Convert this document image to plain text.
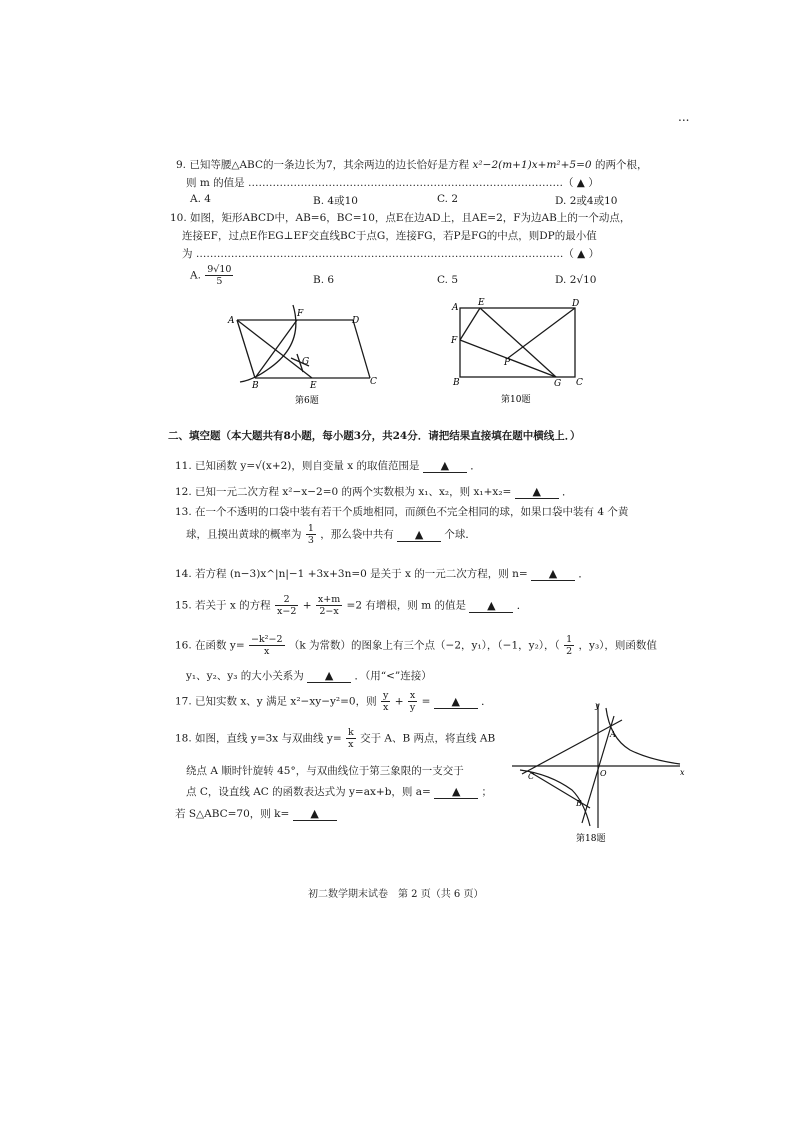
...
9. 已知等腰△ABC的一条边长为7，其余两边的边长恰好是方程 x²−2(m+1)x+m²+5=0 的两个根，
则 m 的值是 ………………………………………………………………………………（ ▲ ）
A. 4	B. 4或10	C. 2	D. 2或4或10
10. 如图，矩形ABCD中，AB=6，BC=10，点E在边AD上，且AE=2，F为边AB上的一个动点，
连接EF，过点E作EG⊥EF交直线BC于点G，连接FG，若P是FG的中点，则DP的最小值
为 ……………………………………………………………………………………………（ ▲ ）
A. $\frac{9√10}{5}$	B. 6	C. 5	D. 2√10
A
F
D
G
B	E	C
第6题
A E	D
F
P
B	G C
第10题
二、填空题（本大题共有8小题，每小题3分，共24分．请把结果直接填在题中横线上．）
11. 已知函数 y=√(x+2)，则自变量 x 的取值范围是 ▲ ．
12. 已知一元二次方程 x²−x−2=0 的两个实数根为 x₁、x₂，则 x₁+x₂= ▲ ．
13. 在一个不透明的口袋中装有若干个质地相同，而颜色不完全相同的球，如果口袋中装有 4 个黄
球，且摸出黄球的概率为 $\frac{1}{3}$ ，那么袋中共有 ▲ 个球．
14. 若方程 (n−3)x^|n|−1 +3x+3n=0 是关于 x 的一元二次方程，则 n= ▲ ．
15. 若关于 x 的方程 $\frac{2}{x-2} + \frac{x+m}{2-x} =2$ 有增根，则 m 的值是 ▲ ．
16. 在函数 $y= \frac{\text{−k²−2}}{x} (k$ 为常数）的图象上有三个点（−2，y₁），（−1，y₂），（ $\frac{1}{2}$ ，y₃），则函数值
y₁、y₂、y₃ 的大小关系为 ▲ ．（用“<”连接）
17. 已知实数 x、y 满足 x²−xy−y²=0，则 $\frac{y}{x} + \frac{x}{y}$ = ▲ ．
18. 如图，直线 y=3x 与双曲线 $y= \frac{k}{x}$ 交于 A、B 两点，将直线 AB
绕点 A 顺时针旋转 45°，与双曲线位于第三象限的一支交于
点 C，设直线 AC 的函数表达式为 y=ax+b，则 a= ▲ ；
若 S△ABC=70，则 k= ▲
y
A
C	O	x
B
第18题
初二数学期末试卷　第 2 页（共 6 页）
